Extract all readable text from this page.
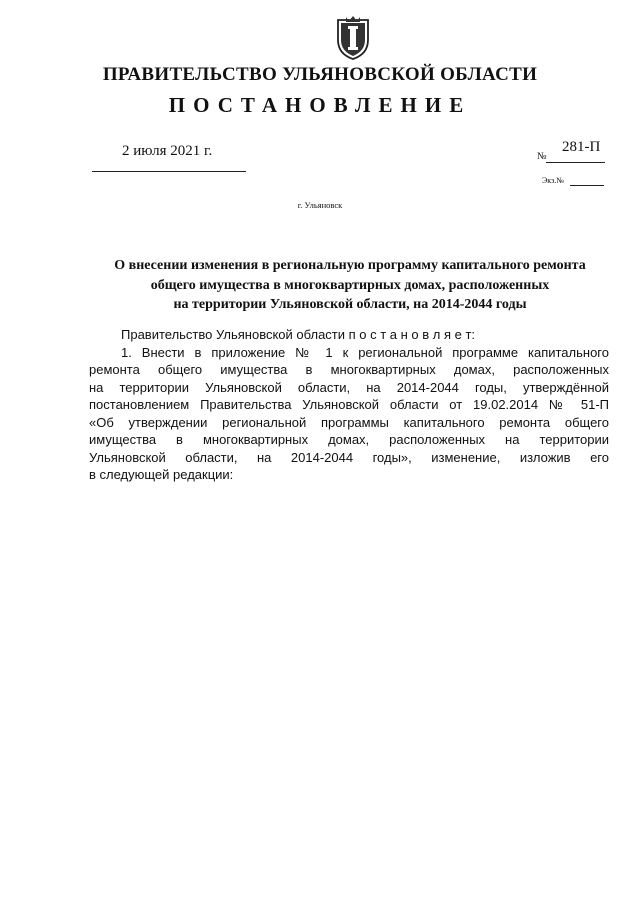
ПРАВИТЕЛЬСТВО УЛЬЯНОВСКОЙ ОБЛАСТИ
ПОСТАНОВЛЕНИЕ
2 июля 2021 г.	№
281-П
Экз.№
г. Ульяновск
О внесении изменения в региональную программу капитального ремонта
общего имущества в многоквартирных домах, расположенных
на территории Ульяновской области, на 2014-2044 годы
Правительство Ульяновской области п о с т а н о в л я е т:
1. Внести в приложение № 1 к региональной программе капитального
ремонта общего имущества в многоквартирных домах, расположенных
на территории Ульяновской области, на 2014-2044 годы, утверждённой
постановлением Правительства Ульяновской области от 19.02.2014 № 51-П
«Об утверждении региональной программы капитального ремонта общего
имущества в многоквартирных домах, расположенных на территории
Ульяновской области, на 2014-2044 годы», изменение, изложив его
в следующей редакции:
